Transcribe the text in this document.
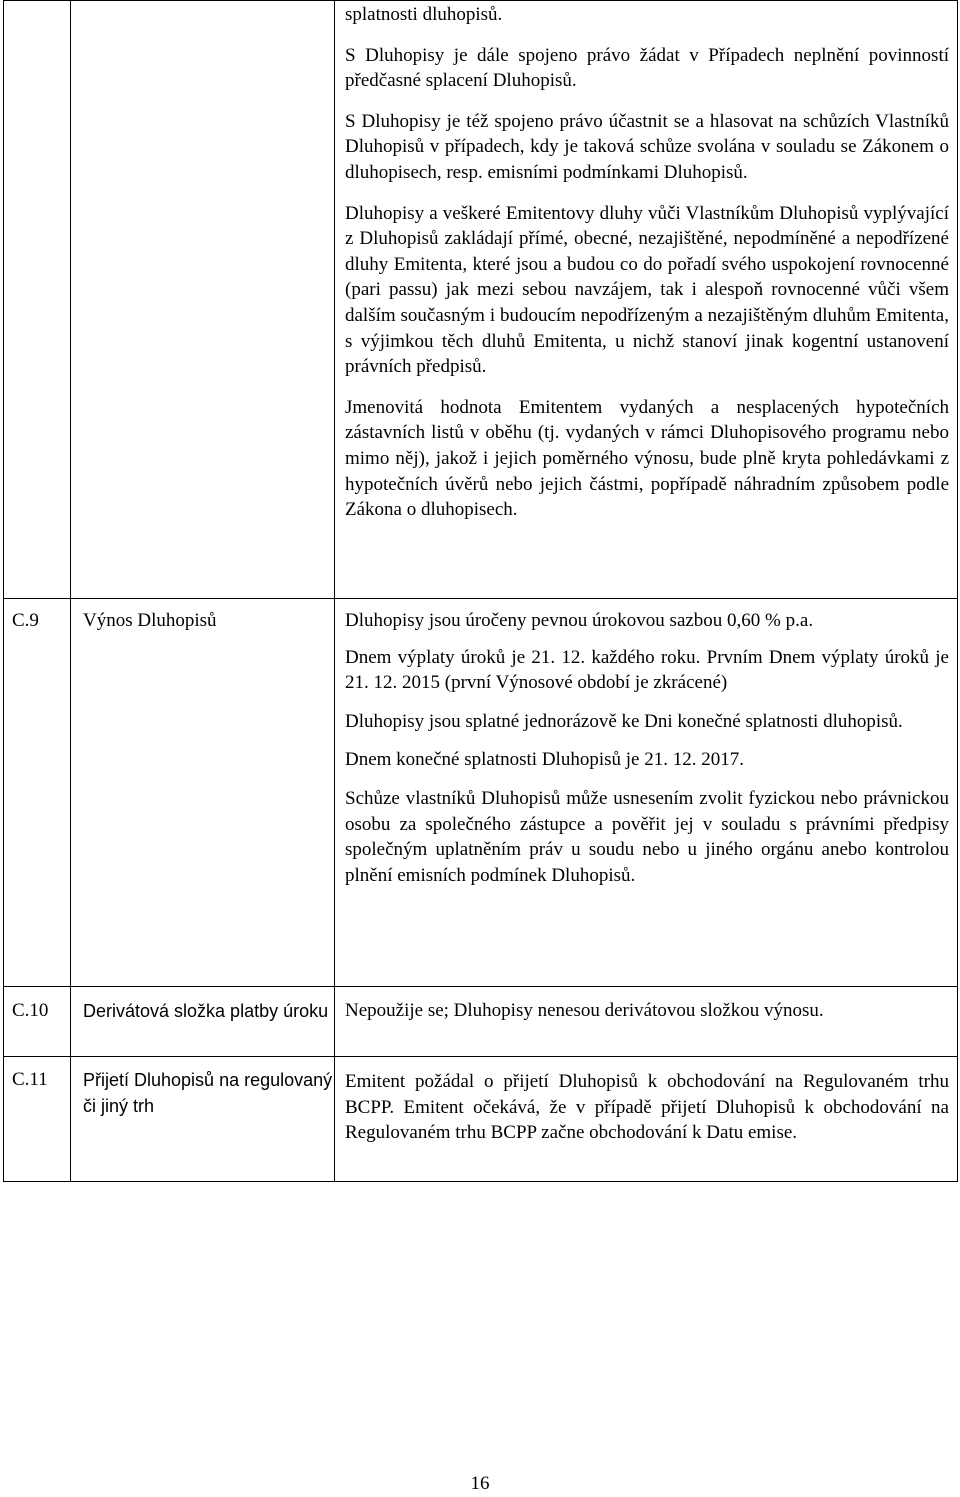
		splatnosti dluhopisů.

S Dluhopisy je dále spojeno právo žádat v Případech neplnění povinností předčasné splacení Dluhopisů.

S Dluhopisy je též spojeno právo účastnit se a hlasovat na schůzích Vlastníků Dluhopisů v případech, kdy je taková schůze svolána v souladu se Zákonem o dluhopisech, resp. emisními podmínkami Dluhopisů.

Dluhopisy a veškeré Emitentovy dluhy vůči Vlastníkům Dluhopisů vyplývající z Dluhopisů zakládají přímé, obecné, nezajištěné, nepodmíněné a nepodřízené dluhy Emitenta, které jsou a budou co do pořadí svého uspokojení rovnocenné (pari passu) jak mezi sebou navzájem, tak i alespoň rovnocenné vůči všem dalším současným i budoucím nepodřízeným a nezajištěným dluhům Emitenta, s výjimkou těch dluhů Emitenta, u nichž stanoví jinak kogentní ustanovení právních předpisů.

Jmenovitá hodnota Emitentem vydaných a nesplacených hypotečních zástavních listů v oběhu (tj. vydaných v rámci Dluhopisového programu nebo mimo něj), jakož i jejich poměrného výnosu, bude plně kryta pohledávkami z hypotečních úvěrů nebo jejich částmi, popřípadě náhradním způsobem podle Zákona o dluhopisech.

C.9	Výnos Dluhopisů	Dluhopisy jsou úročeny pevnou úrokovou sazbou 0,60 % p.a.

Dnem výplaty úroků je 21. 12. každého roku. Prvním Dnem výplaty úroků je 21. 12. 2015 (první Výnosové období je zkrácené)

Dluhopisy jsou splatné jednorázově ke Dni konečné splatnosti dluhopisů.

Dnem konečné splatnosti Dluhopisů je 21. 12. 2017.

Schůze vlastníků Dluhopisů může usnesením zvolit fyzickou nebo právnickou osobu za společného zástupce a pověřit jej v souladu s právními předpisy společným uplatněním práv u soudu nebo u jiného orgánu anebo kontrolou plnění emisních podmínek Dluhopisů.

C.10	Derivátová složka platby úroku	Nepoužije se; Dluhopisy nenesou derivátovou složkou výnosu.

C.11	Přijetí Dluhopisů na regulovaný či jiný trh	Emitent požádal o přijetí Dluhopisů k obchodování na Regulovaném trhu BCPP. Emitent očekává, že v případě přijetí Dluhopisů k obchodování na Regulovaném trhu BCPP začne obchodování k Datu emise.

16
